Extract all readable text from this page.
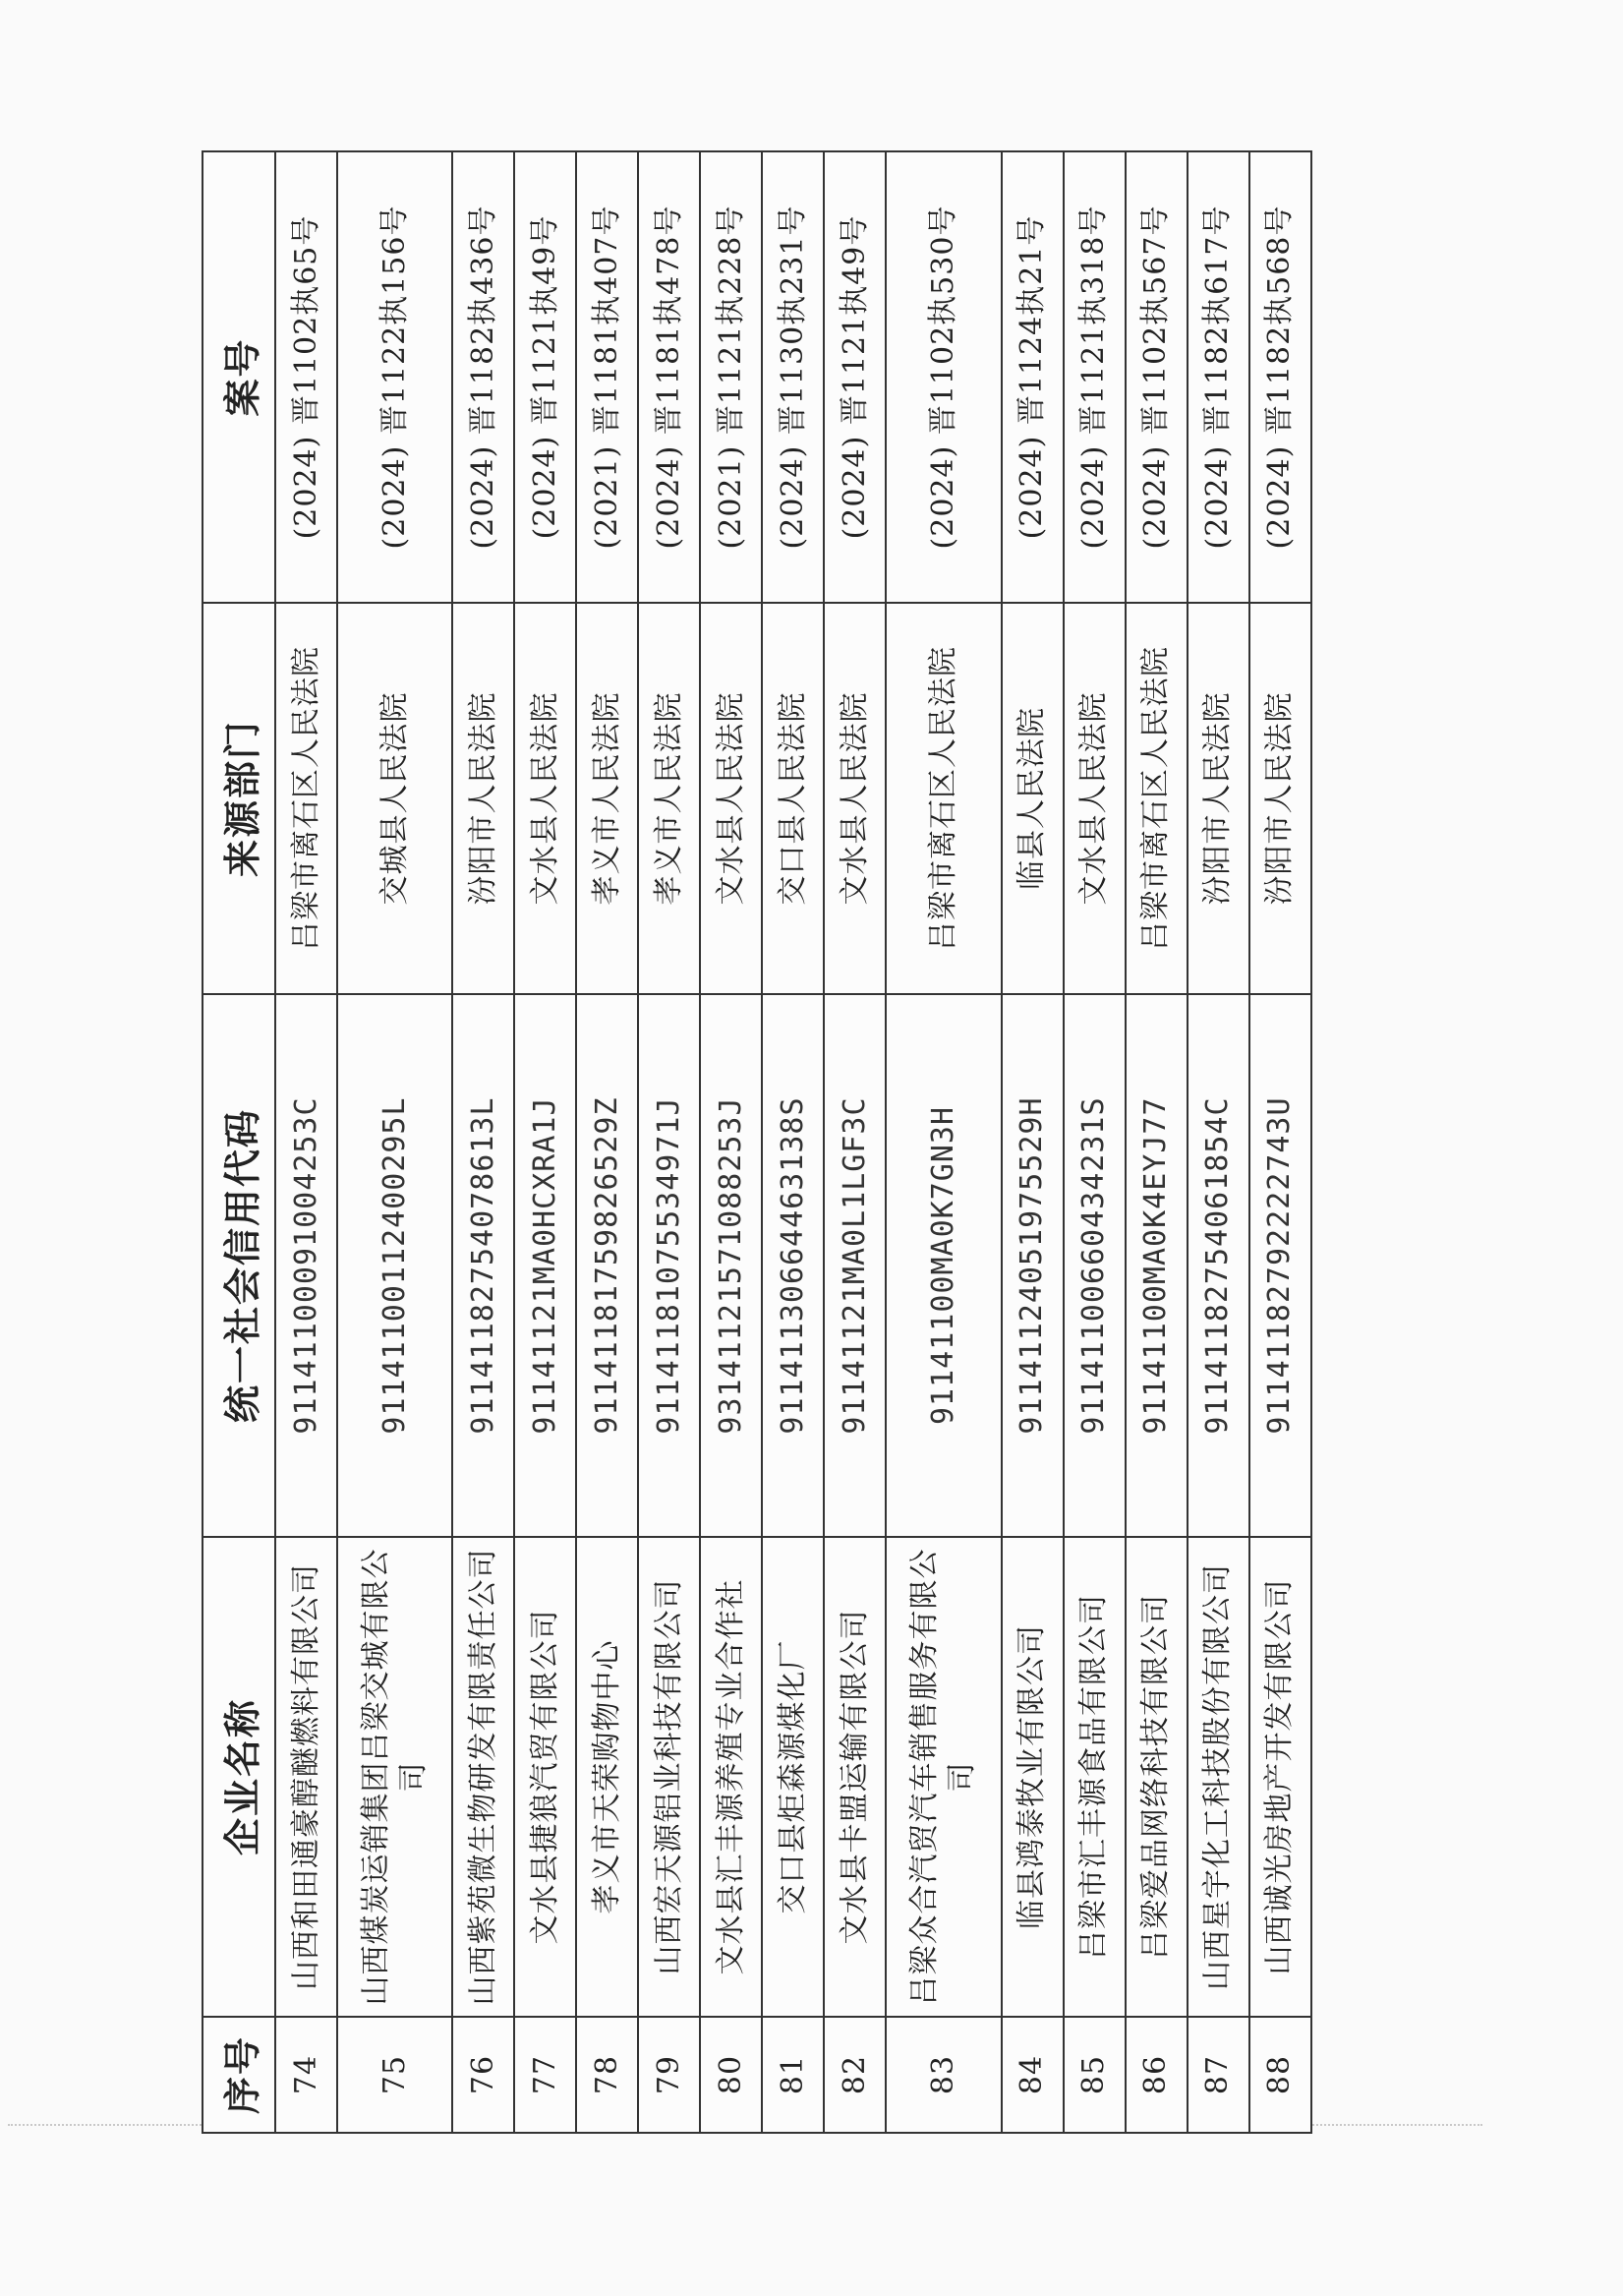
序号	企业名称	统一社会信用代码	来源部门	案号
74	山西和田通豪醇醚燃料有限公司	91141100091004253C	吕梁市离石区人民法院	(2024) 晋1102执65号
75	山西煤炭运销集团吕梁交城有限公司	91141100112400295L	交城县人民法院	(2024) 晋1122执156号
76	山西紫苑微生物研发有限责任公司	91141182754078613L	汾阳市人民法院	(2024) 晋1182执436号
77	文水县捷狼汽贸有限公司	91141121MA0HCXRA1J	文水县人民法院	(2024) 晋1121执49号
78	孝义市天荣购物中心	91141181759826529Z	孝义市人民法院	(2021) 晋1181执407号
79	山西宏天源铝业科技有限公司	91141181075534971J	孝义市人民法院	(2024) 晋1181执478号
80	文水县汇丰源养殖专业合作社	93141121571088253J	文水县人民法院	(2021) 晋1121执228号
81	交口县炬森源煤化厂	91141130664463138S	交口县人民法院	(2024) 晋1130执231号
82	文水县卡盟运输有限公司	91141121MA0L1LGF3C	文水县人民法院	(2024) 晋1121执49号
83	吕梁众合汽贸汽车销售服务有限公司	91141100MA0K7GN3H	吕梁市离石区人民法院	(2024) 晋1102执530号
84	临县鸿泰牧业有限公司	91141124051975529H	临县人民法院	(2024) 晋1124执21号
85	吕梁市汇丰源食品有限公司	91141100660434231S	文水县人民法院	(2024) 晋1121执318号
86	吕梁爱品网络科技有限公司	91141100MA0K4EYJ77	吕梁市离石区人民法院	(2024) 晋1102执567号
87	山西星宇化工科技股份有限公司	91141182754061854C	汾阳市人民法院	(2024) 晋1182执617号
88	山西诚光房地产开发有限公司	91141182792222743U	汾阳市人民法院	(2024) 晋1182执568号
